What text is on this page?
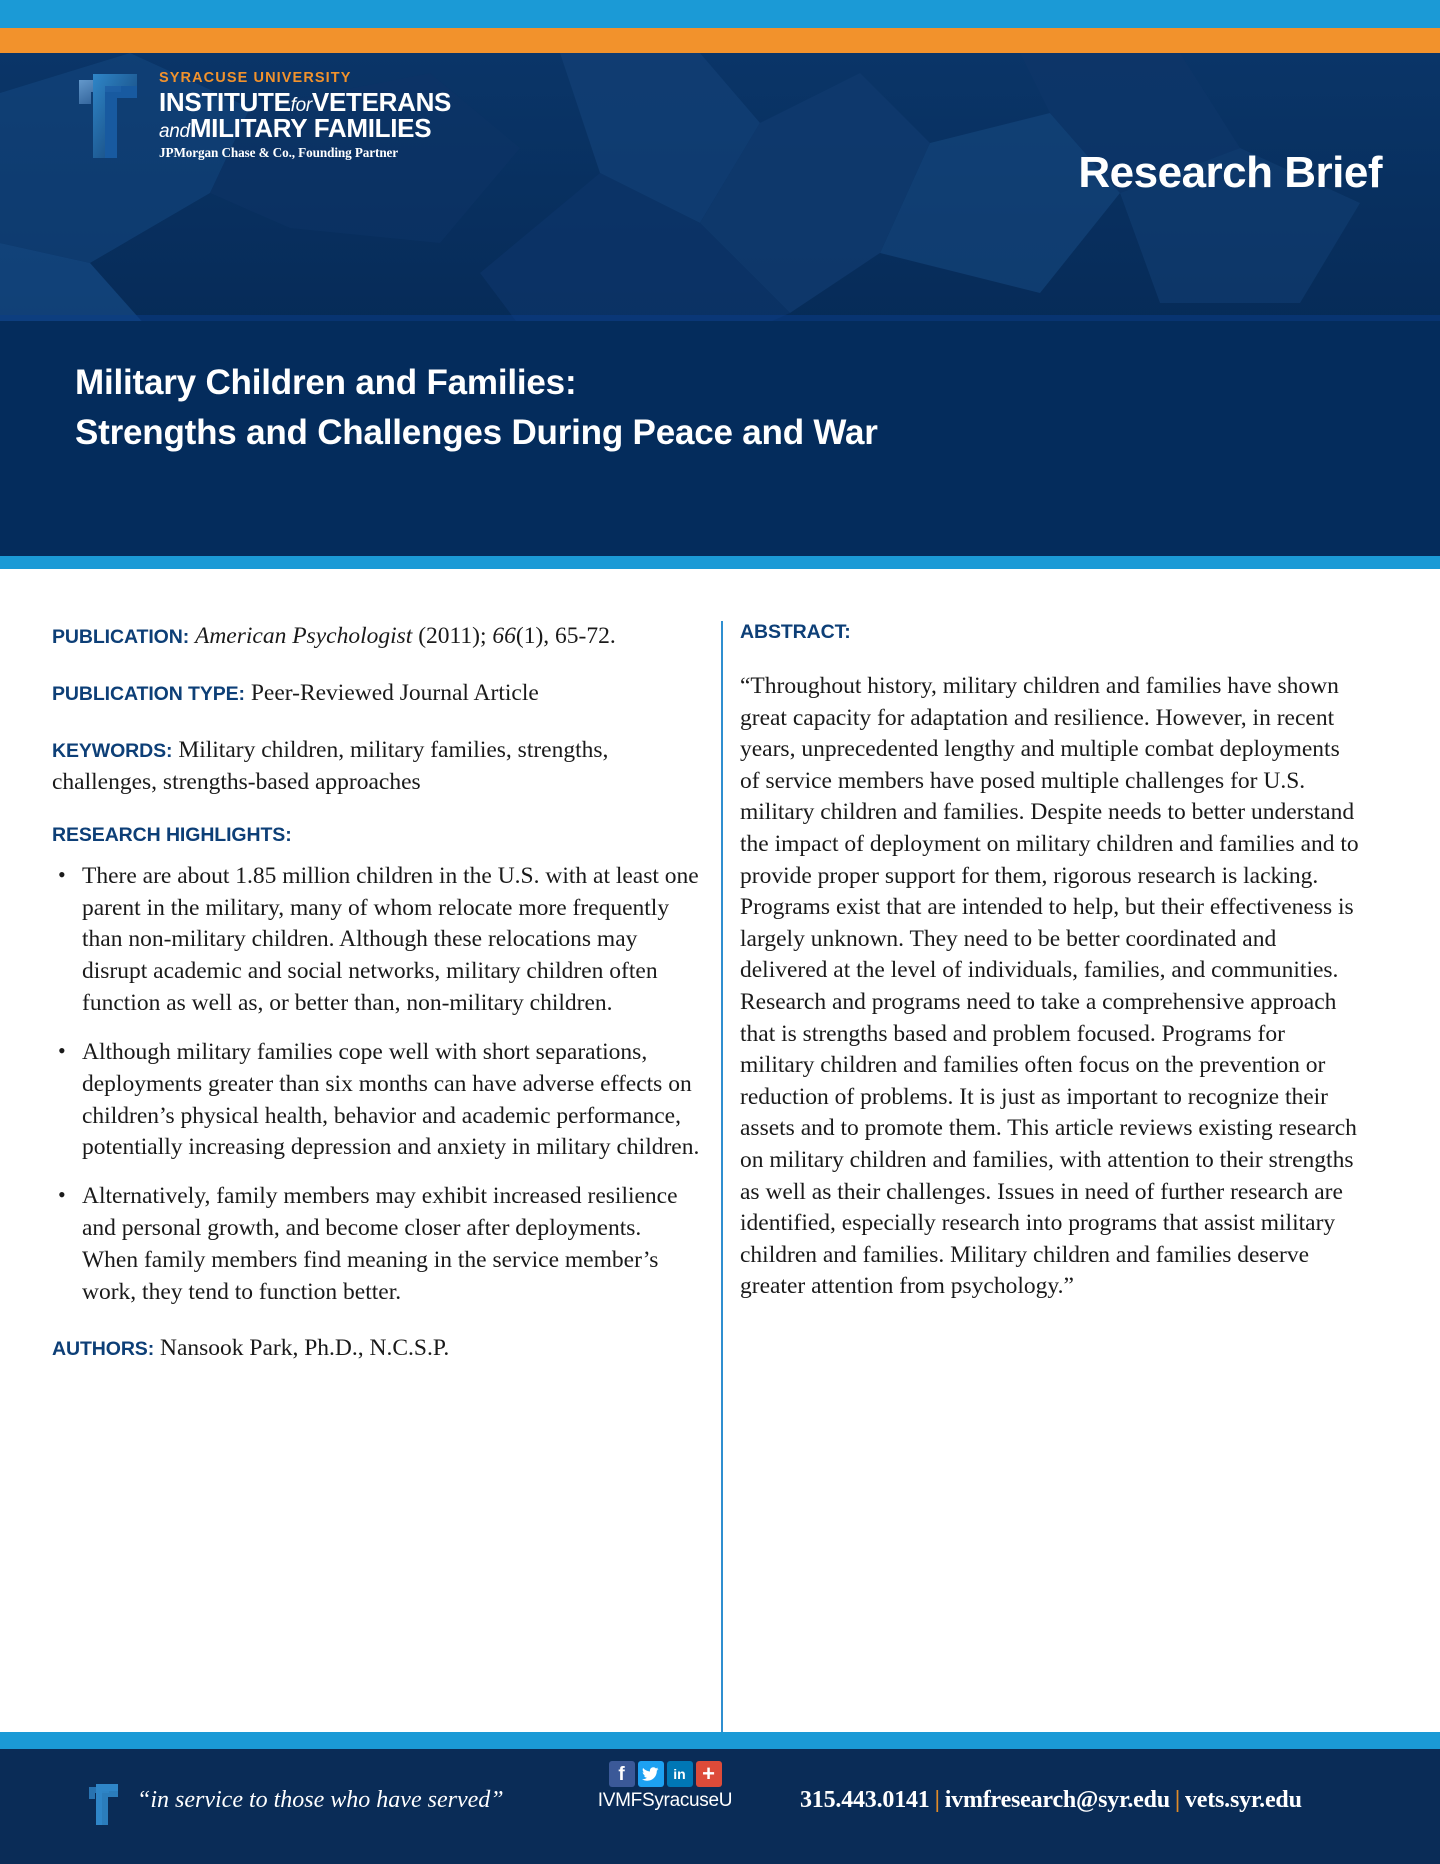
SYRACUSE UNIVERSITY
INSTITUTEforVETERANS
andMILITARY FAMILIES
JPMorgan Chase & Co., Founding Partner	Research Brief
Military Children and Families:
Strengths and Challenges During Peace and War
PUBLICATION: American Psychologist (2011); 66(1), 65-72.
PUBLICATION TYPE: Peer-Reviewed Journal Article
KEYWORDS: Military children, military families, strengths, challenges, strengths-based approaches
RESEARCH HIGHLIGHTS:
• There are about 1.85 million children in the U.S. with at least one parent in the military, many of whom relocate more frequently than non-military children. Although these relocations may disrupt academic and social networks, military children often function as well as, or better than, non-military children.
• Although military families cope well with short separations, deployments greater than six months can have adverse effects on children’s physical health, behavior and academic performance, potentially increasing depression and anxiety in military children.
• Alternatively, family members may exhibit increased resilience and personal growth, and become closer after deployments. When family members find meaning in the service member’s work, they tend to function better.
AUTHORS: Nansook Park, Ph.D., N.C.S.P.
ABSTRACT:
“Throughout history, military children and families have shown great capacity for adaptation and resilience. However, in recent years, unprecedented lengthy and multiple combat deployments of service members have posed multiple challenges for U.S. military children and families. Despite needs to better understand the impact of deployment on military children and families and to provide proper support for them, rigorous research is lacking. Programs exist that are intended to help, but their effectiveness is largely unknown. They need to be better coordinated and delivered at the level of individuals, families, and communities. Research and programs need to take a comprehensive approach that is strengths based and problem focused. Programs for military children and families often focus on the prevention or reduction of problems. It is just as important to recognize their assets and to promote them. This article reviews existing research on military children and families, with attention to their strengths as well as their challenges. Issues in need of further research are identified, especially research into programs that assist military children and families. Military children and families deserve greater attention from psychology.”
“in service to those who have served”
f	in +
IVMFSyracuseU	315.443.0141 | ivmfresearch@syr.edu | vets.syr.edu
